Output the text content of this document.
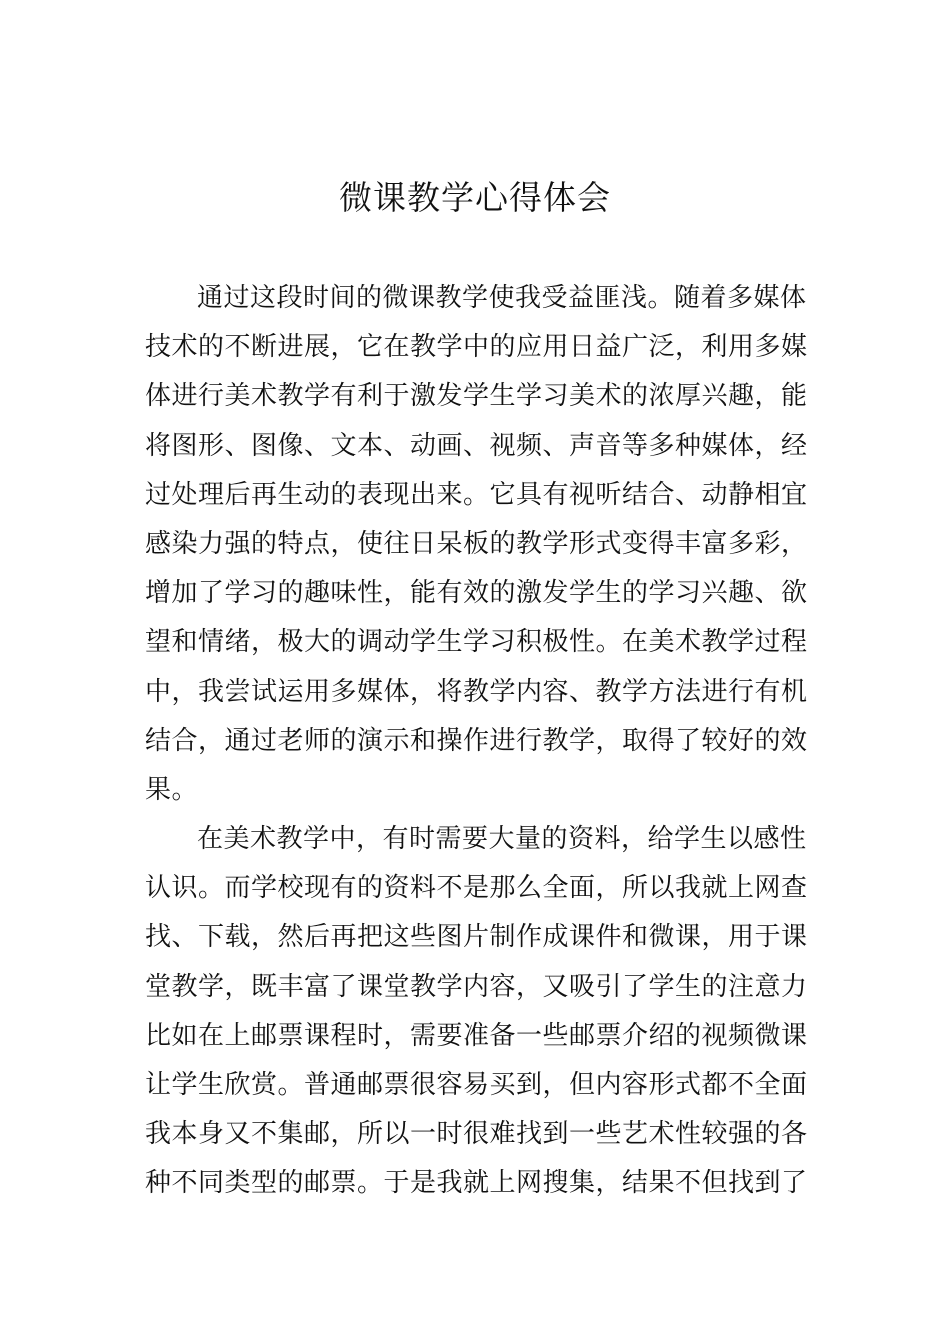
微课教学心得体会
通过这段时间的微课教学使我受益匪浅。随着多媒体
技术的不断进展，它在教学中的应用日益广泛，利用多媒
体进行美术教学有利于激发学生学习美术的浓厚兴趣，能
将图形、图像、文本、动画、视频、声音等多种媒体，经
过处理后再生动的表现出来。它具有视听结合、动静相宜
感染力强的特点，使往日呆板的教学形式变得丰富多彩，
增加了学习的趣味性，能有效的激发学生的学习兴趣、欲
望和情绪，极大的调动学生学习积极性。在美术教学过程
中，我尝试运用多媒体，将教学内容、教学方法进行有机
结合，通过老师的演示和操作进行教学，取得了较好的效
果。
在美术教学中，有时需要大量的资料，给学生以感性
认识。而学校现有的资料不是那么全面，所以我就上网查
找、下载，然后再把这些图片制作成课件和微课，用于课
堂教学，既丰富了课堂教学内容，又吸引了学生的注意力
比如在上邮票课程时，需要准备一些邮票介绍的视频微课
让学生欣赏。普通邮票很容易买到，但内容形式都不全面
我本身又不集邮，所以一时很难找到一些艺术性较强的各
种不同类型的邮票。于是我就上网搜集，结果不但找到了
